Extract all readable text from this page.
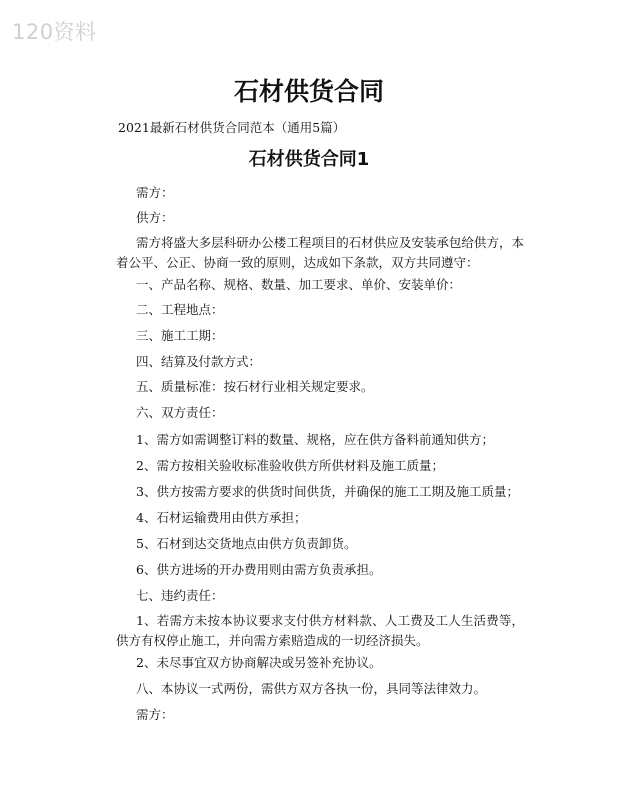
120资料
石材供货合同
2021最新石材供货合同范本（通用5篇）
石材供货合同1
需方：
供方：
需方将盛大多层科研办公楼工程项目的石材供应及安装承包给供方，本着公平、公正、协商一致的原则，达成如下条款，双方共同遵守：
一、产品名称、规格、数量、加工要求、单价、安装单价：
二、工程地点：
三、施工工期：
四、结算及付款方式：
五、质量标准：按石材行业相关规定要求。
六、双方责任：
1、需方如需调整订料的数量、规格，应在供方备料前通知供方；
2、需方按相关验收标准验收供方所供材料及施工质量；
3、供方按需方要求的供货时间供货，并确保的施工工期及施工质量；
4、石材运输费用由供方承担；
5、石材到达交货地点由供方负责卸货。
6、供方进场的开办费用则由需方负责承担。
七、违约责任：
1、若需方未按本协议要求支付供方材料款、人工费及工人生活费等，供方有权停止施工，并向需方索赔造成的一切经济损失。
2、未尽事宜双方协商解决或另签补充协议。
八、本协议一式两份，需供方双方各执一份，具同等法律效力。
需方：
